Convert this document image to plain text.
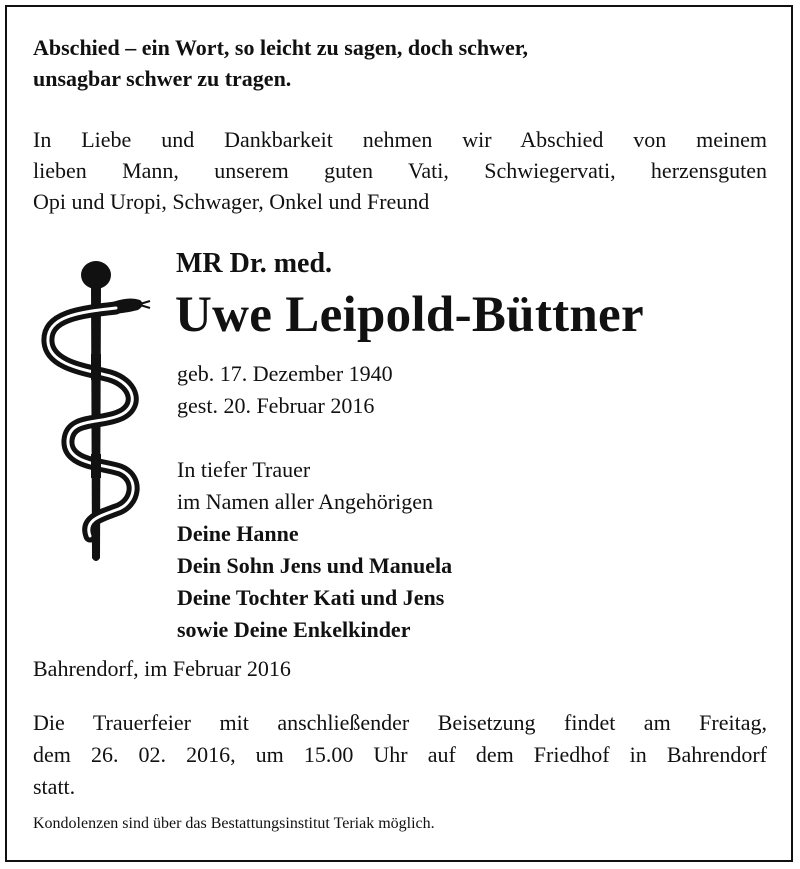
Abschied – ein Wort, so leicht zu sagen, doch schwer,
unsagbar schwer zu tragen.

In Liebe und Dankbarkeit nehmen wir Abschied von meinem
lieben Mann, unserem guten Vati, Schwiegervati, herzensguten
Opi und Uropi, Schwager, Onkel und Freund

MR Dr. med.

Uwe Leipold-Büttner

geb. 17. Dezember 1940
gest. 20. Februar 2016

In tiefer Trauer
im Namen aller Angehörigen
Deine Hanne
Dein Sohn Jens und Manuela
Deine Tochter Kati und Jens
sowie Deine Enkelkinder

Bahrendorf, im Februar 2016

Die Trauerfeier mit anschließender Beisetzung findet am Freitag,
dem 26. 02. 2016, um 15.00 Uhr auf dem Friedhof in Bahrendorf
statt.

Kondolenzen sind über das Bestattungsinstitut Teriak möglich.
